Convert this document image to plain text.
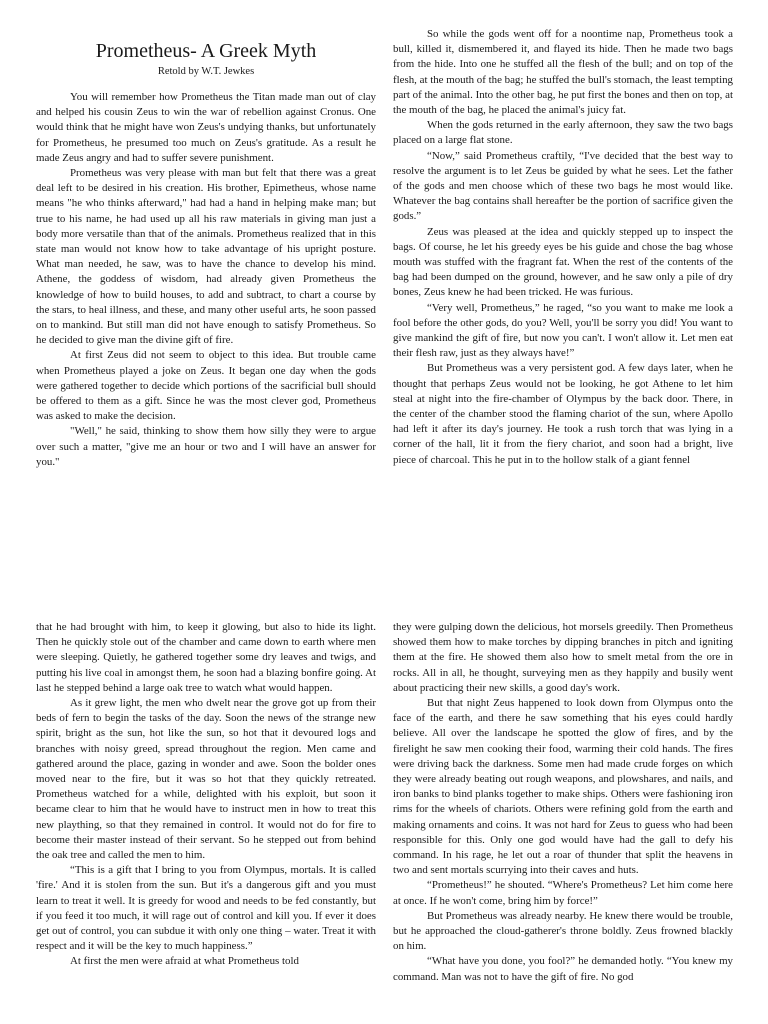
Prometheus- A Greek Myth
Retold by W.T. Jewkes

You will remember how Prometheus the Titan made man out of clay and helped his cousin Zeus to win the war of rebellion against Cronus. One would think that he might have won Zeus's undying thanks, but unfortunately for Prometheus, he presumed too much on Zeus's gratitude. As a result he made Zeus angry and had to suffer severe punishment.

Prometheus was very please with man but felt that there was a great deal left to be desired in his creation. His brother, Epimetheus, whose name means "he who thinks afterward," had had a hand in helping make man; but true to his name, he had used up all his raw materials in giving man just a body more versatile than that of the animals. Prometheus realized that in this state man would not know how to take advantage of his upright posture. What man needed, he saw, was to have the chance to develop his mind. Athene, the goddess of wisdom, had already given Prometheus the knowledge of how to build houses, to add and subtract, to chart a course by the stars, to heal illness, and these, and many other useful arts, he soon passed on to mankind. But still man did not have enough to satisfy Prometheus. So he decided to give man the divine gift of fire.

At first Zeus did not seem to object to this idea. But trouble came when Prometheus played a joke on Zeus. It began one day when the gods were gathered together to decide which portions of the sacrificial bull should be offered to them as a gift. Since he was the most clever god, Prometheus was asked to make the decision.

"Well," he said, thinking to show them how silly they were to argue over such a matter, "give me an hour or two and I will have an answer for you."

So while the gods went off for a noontime nap, Prometheus took a bull, killed it, dismembered it, and flayed its hide. Then he made two bags from the hide. Into one he stuffed all the flesh of the bull; and on top of the flesh, at the mouth of the bag; he stuffed the bull's stomach, the least tempting part of the animal. Into the other bag, he put first the bones and then on top, at the mouth of the bag, he placed the animal's juicy fat.

When the gods returned in the early afternoon, they saw the two bags placed on a large flat stone.

“Now,” said Prometheus craftily, “I've decided that the best way to resolve the argument is to let Zeus be guided by what he sees. Let the father of the gods and men choose which of these two bags he most would like. Whatever the bag contains shall hereafter be the portion of sacrifice given the gods.”

Zeus was pleased at the idea and quickly stepped up to inspect the bags. Of course, he let his greedy eyes be his guide and chose the bag whose mouth was stuffed with the fragrant fat. When the rest of the contents of the bag had been dumped on the ground, however, and he saw only a pile of dry bones, Zeus knew he had been tricked. He was furious.

“Very well, Prometheus,” he raged, “so you want to make me look a fool before the other gods, do you? Well, you'll be sorry you did! You want to give mankind the gift of fire, but now you can't. I won't allow it. Let men eat their flesh raw, just as they always have!”

But Prometheus was a very persistent god. A few days later, when he thought that perhaps Zeus would not be looking, he got Athene to let him steal at night into the fire-chamber of Olympus by the back door. There, in the center of the chamber stood the flaming chariot of the sun, where Apollo had left it after its day's journey. He took a rush torch that was lying in a corner of the hall, lit it from the fiery chariot, and soon had a bright, live piece of charcoal. This he put in to the hollow stalk of a giant fennel

that he had brought with him, to keep it glowing, but also to hide its light. Then he quickly stole out of the chamber and came down to earth where men were sleeping. Quietly, he gathered together some dry leaves and twigs, and putting his live coal in amongst them, he soon had a blazing bonfire going. At last he stepped behind a large oak tree to watch what would happen.

As it grew light, the men who dwelt near the grove got up from their beds of fern to begin the tasks of the day. Soon the news of the strange new spirit, bright as the sun, hot like the sun, so hot that it devoured logs and branches with noisy greed, spread throughout the region. Men came and gathered around the place, gazing in wonder and awe. Soon the bolder ones moved near to the fire, but it was so hot that they quickly retreated. Prometheus watched for a while, delighted with his exploit, but soon it became clear to him that he would have to instruct men in how to treat this new plaything, so that they remained in control. It would not do for fire to become their master instead of their servant. So he stepped out from behind the oak tree and called the men to him.

“This is a gift that I bring to you from Olympus, mortals. It is called 'fire.' And it is stolen from the sun. But it's a dangerous gift and you must learn to treat it well. It is greedy for wood and needs to be fed constantly, but if you feed it too much, it will rage out of control and kill you. If ever it does get out of control, you can subdue it with only one thing – water. Treat it with respect and it will be the key to much happiness.”

At first the men were afraid at what Prometheus told

they were gulping down the delicious, hot morsels greedily. Then Prometheus showed them how to make torches by dipping branches in pitch and igniting them at the fire. He showed them also how to smelt metal from the ore in rocks. All in all, he thought, surveying men as they happily and busily went about practicing their new skills, a good day's work.

But that night Zeus happened to look down from Olympus onto the face of the earth, and there he saw something that his eyes could hardly believe. All over the landscape he spotted the glow of fires, and by the firelight he saw men cooking their food, warming their cold hands. The fires were driving back the darkness. Some men had made crude forges on which they were already beating out rough weapons, and plowshares, and nails, and iron banks to bind planks together to make ships. Others were fashioning iron rims for the wheels of chariots. Others were refining gold from the earth and making ornaments and coins. It was not hard for Zeus to guess who had been responsible for this. Only one god would have had the gall to defy his command. In his rage, he let out a roar of thunder that split the heavens in two and sent mortals scurrying into their caves and huts.

“Prometheus!” he shouted. “Where's Prometheus? Let him come here at once. If he won't come, bring him by force!”

But Prometheus was already nearby. He knew there would be trouble, but he approached the cloud-gatherer's throne boldly. Zeus frowned blackly on him.

“What have you done, you fool?” he demanded hotly. “You knew my command. Man was not to have the gift of fire. No god
